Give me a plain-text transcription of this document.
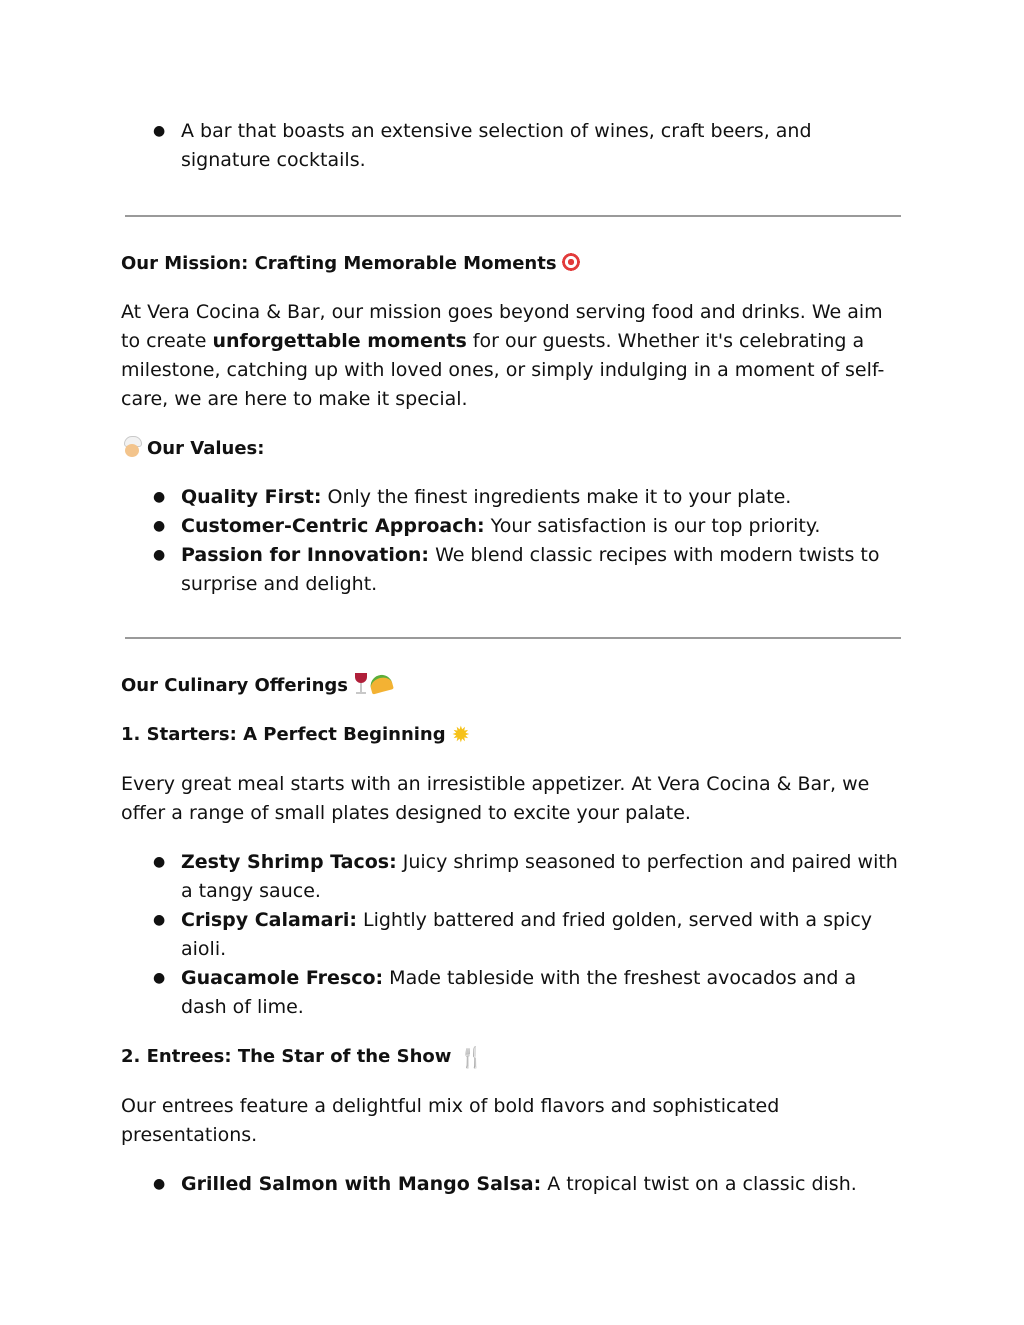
● A bar that boasts an extensive selection of wines, craft beers, and signature cocktails.

Our Mission: Crafting Memorable Moments

At Vera Cocina & Bar, our mission goes beyond serving food and drinks. We aim to create unforgettable moments for our guests. Whether it's celebrating a milestone, catching up with loved ones, or simply indulging in a moment of self-care, we are here to make it special.

Our Values:

● Quality First: Only the finest ingredients make it to your plate.
● Customer-Centric Approach: Your satisfaction is our top priority.
● Passion for Innovation: We blend classic recipes with modern twists to surprise and delight.

Our Culinary Offerings

1. Starters: A Perfect Beginning ✹

Every great meal starts with an irresistible appetizer. At Vera Cocina & Bar, we offer a range of small plates designed to excite your palate.

● Zesty Shrimp Tacos: Juicy shrimp seasoned to perfection and paired with a tangy sauce.
● Crispy Calamari: Lightly battered and fried golden, served with a spicy aioli.
● Guacamole Fresco: Made tableside with the freshest avocados and a dash of lime.

2. Entrees: The Star of the Show 🍴

Our entrees feature a delightful mix of bold flavors and sophisticated presentations.

● Grilled Salmon with Mango Salsa: A tropical twist on a classic dish.
